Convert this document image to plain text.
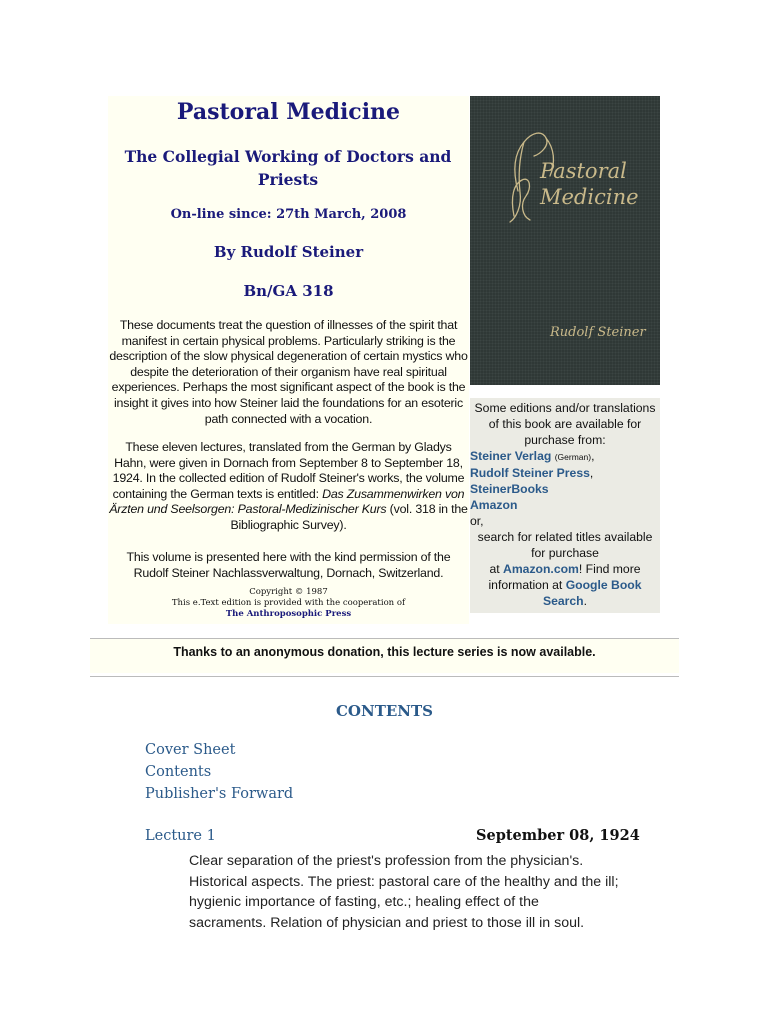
Pastoral Medicine
The Collegial Working of Doctors and Priests
On-line since: 27th March, 2008
By Rudolf Steiner
Bn/GA 318
These documents treat the question of illnesses of the spirit that manifest in certain physical problems. Particularly striking is the description of the slow physical degeneration of certain mystics who despite the deterioration of their organism have real spiritual experiences. Perhaps the most significant aspect of the book is the insight it gives into how Steiner laid the foundations for an esoteric path connected with a vocation.
These eleven lectures, translated from the German by Gladys Hahn, were given in Dornach from September 8 to September 18, 1924. In the collected edition of Rudolf Steiner's works, the volume containing the German texts is entitled: Das Zusammenwirken von Ärzten und Seelsorgen: Pastoral-Medizinischer Kurs (vol. 318 in the Bibliographic Survey).
This volume is presented here with the kind permission of the Rudolf Steiner Nachlassverwaltung, Dornach, Switzerland.
Copyright © 1987
This e.Text edition is provided with the cooperation of
The Anthroposophic Press
Pastoral
Medicine
Rudolf Steiner
Some editions and/or translations of this book are available for purchase from:
Steiner Verlag (German),
Rudolf Steiner Press,
SteinerBooks
Amazon
or,
search for related titles available for purchase
at Amazon.com! Find more information at Google Book Search.
Thanks to an anonymous donation, this lecture series is now available.
CONTENTS
Cover Sheet
Contents
Publisher's Forward
Lecture 1	September 08, 1924
Clear separation of the priest's profession from the physician's. Historical aspects. The priest: pastoral care of the healthy and the ill; hygienic importance of fasting, etc.; healing effect of the sacraments. Relation of physician and priest to those ill in soul.
